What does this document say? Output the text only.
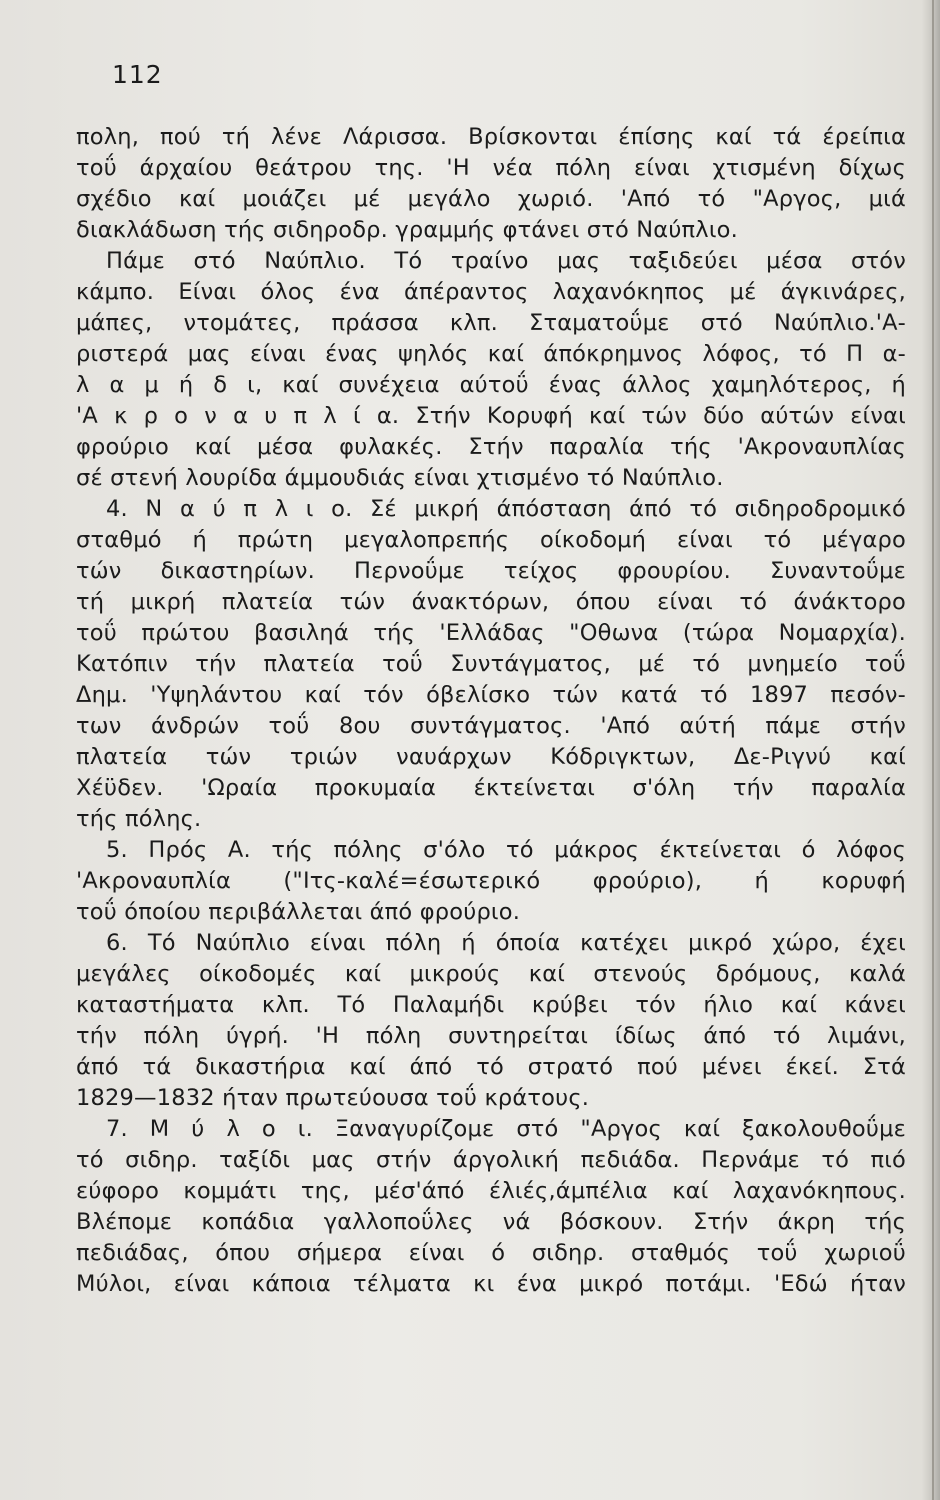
112
πολη, πού τή λένε Λάρισσα. Βρίσκονται έπίσης καί τά έρείπια
τοΰ άρχαίου θεάτρου της. 'Η νέα πόλη είναι χτισμένη δίχως
σχέδιο καί μοιάζει μέ μεγάλο χωριό. 'Από τό "Αργος, μιά
διακλάδωση τής σιδηροδρ. γραμμής φτάνει στό Ναύπλιο.
Πάμε στό Ναύπλιο. Τό τραίνο μας ταξιδεύει μέσα στόν
κάμπο. Είναι όλος ένα άπέραντος λαχανόκηπος μέ άγκινάρες,
μάπες, ντομάτες, πράσσα κλπ. Σταματοΰμε στό Ναύπλιο.'Α-
ριστερά μας είναι ένας ψηλός καί άπόκρημνος λόφος, τό Π α-
λ α μ ή δ ι, καί συνέχεια αύτοΰ ένας άλλος χαμηλότερος, ή
'Α κ ρ ο ν α υ π λ ί α. Στήν Κορυφή καί τών δύο αύτών είναι
φρούριο καί μέσα φυλακές. Στήν παραλία τής 'Ακροναυπλίας
σέ στενή λουρίδα άμμουδιάς είναι χτισμένο τό Ναύπλιο.
4. Ν α ύ π λ ι ο. Σέ μικρή άπόσταση άπό τό σιδηροδρομικό
σταθμό ή πρώτη μεγαλοπρεπής οίκοδομή είναι τό μέγαρο
τών δικαστηρίων. Περνοΰμε τείχος φρουρίου. Συναντοΰμε
τή μικρή πλατεία τών άνακτόρων, όπου είναι τό άνάκτορο
τοΰ πρώτου βασιληά τής 'Ελλάδας "Οθωνα (τώρα Νομαρχία).
Κατόπιν τήν πλατεία τοΰ Συντάγματος, μέ τό μνημείο τοΰ
Δημ. 'Υψηλάντου καί τόν όβελίσκο τών κατά τό 1897 πεσόν-
των άνδρών τοΰ 8ου συντάγματος. 'Από αύτή πάμε στήν
πλατεία τών τριών ναυάρχων Κόδριγκτων, Δε-Ριγνύ καί
Χέϋδεν. 'Ωραία προκυμαία έκτείνεται σ'όλη τήν παραλία
τής πόλης.
5. Πρός Α. τής πόλης σ'όλο τό μάκρος έκτείνεται ό λόφος
'Ακροναυπλία ("Ιτς-καλέ=έσωτερικό φρούριο), ή κορυφή
τοΰ όποίου περιβάλλεται άπό φρούριο.
6. Τό Ναύπλιο είναι πόλη ή όποία κατέχει μικρό χώρο, έχει
μεγάλες οίκοδομές καί μικρούς καί στενούς δρόμους, καλά
καταστήματα κλπ. Τό Παλαμήδι κρύβει τόν ήλιο καί κάνει
τήν πόλη ύγρή. 'Η πόλη συντηρείται ίδίως άπό τό λιμάνι,
άπό τά δικαστήρια καί άπό τό στρατό πού μένει έκεί. Στά
1829—1832 ήταν πρωτεύουσα τοΰ κράτους.
7. Μ ύ λ ο ι. Ξαναγυρίζομε στό "Αργος καί ξακολουθοΰμε
τό σιδηρ. ταξίδι μας στήν άργολική πεδιάδα. Περνάμε τό πιό
εύφορο κομμάτι της, μέσ'άπό έλιές,άμπέλια καί λαχανόκηπους.
Βλέπομε κοπάδια γαλλοποΰλες νά βόσκουν. Στήν άκρη τής
πεδιάδας, όπου σήμερα είναι ό σιδηρ. σταθμός τοΰ χωριοΰ
Μύλοι, είναι κάποια τέλματα κι ένα μικρό ποτάμι. 'Εδώ ήταν
